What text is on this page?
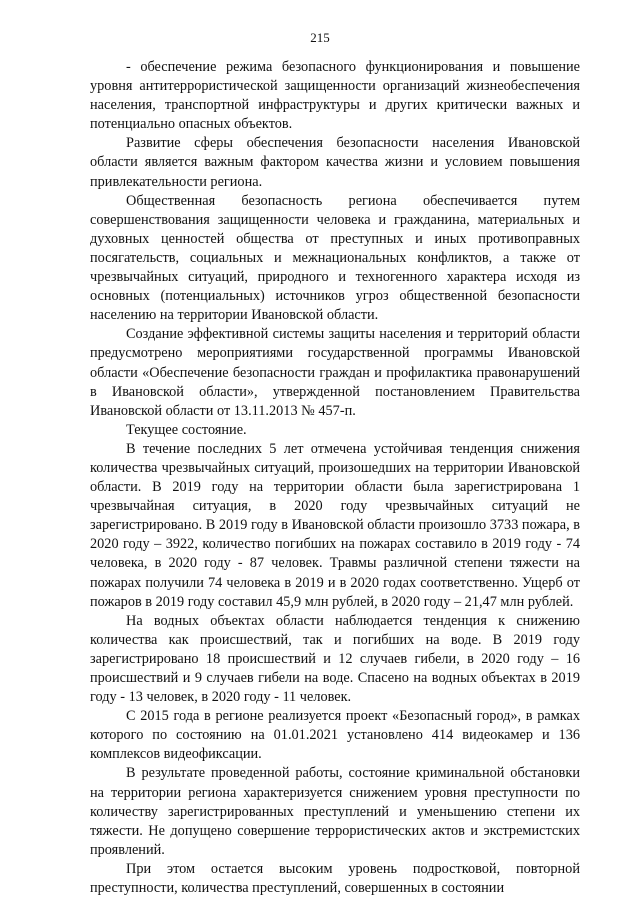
215

- обеспечение режима безопасного функционирования и повышение уровня антитеррористической защищенности организаций жизнеобеспечения населения, транспортной инфраструктуры и других критически важных и потенциально опасных объектов.

Развитие сферы обеспечения безопасности населения Ивановской области является важным фактором качества жизни и условием повышения привлекательности региона.

Общественная безопасность региона обеспечивается путем совершенствования защищенности человека и гражданина, материальных и духовных ценностей общества от преступных и иных противоправных посягательств, социальных и межнациональных конфликтов, а также от чрезвычайных ситуаций, природного и техногенного характера исходя из основных (потенциальных) источников угроз общественной безопасности населению на территории Ивановской области.

Создание эффективной системы защиты населения и территорий области предусмотрено мероприятиями государственной программы Ивановской области «Обеспечение безопасности граждан и профилактика правонарушений в Ивановской области», утвержденной постановлением Правительства Ивановской области от 13.11.2013 № 457-п.

Текущее состояние.

В течение последних 5 лет отмечена устойчивая тенденция снижения количества чрезвычайных ситуаций, произошедших на территории Ивановской области. В 2019 году на территории области была зарегистрирована 1 чрезвычайная ситуация, в 2020 году чрезвычайных ситуаций не зарегистрировано. В 2019 году в Ивановской области произошло 3733 пожара, в 2020 году – 3922, количество погибших на пожарах составило в 2019 году - 74 человека, в 2020 году - 87 человек. Травмы различной степени тяжести на пожарах получили 74 человека в 2019 и в 2020 годах соответственно. Ущерб от пожаров в 2019 году составил 45,9 млн рублей, в 2020 году – 21,47 млн рублей.

На водных объектах области наблюдается тенденция к снижению количества как происшествий, так и погибших на воде. В 2019 году зарегистрировано 18 происшествий и 12 случаев гибели, в 2020 году – 16 происшествий и 9 случаев гибели на воде. Спасено на водных объектах в 2019 году - 13 человек, в 2020 году - 11 человек.

С 2015 года в регионе реализуется проект «Безопасный город», в рамках которого по состоянию на 01.01.2021 установлено 414 видеокамер и 136 комплексов видеофиксации.

В результате проведенной работы, состояние криминальной обстановки на территории региона характеризуется снижением уровня преступности по количеству зарегистрированных преступлений и уменьшению степени их тяжести. Не допущено совершение террористических актов и экстремистских проявлений.

При этом остается высоким уровень подростковой, повторной преступности, количества преступлений, совершенных в состоянии
